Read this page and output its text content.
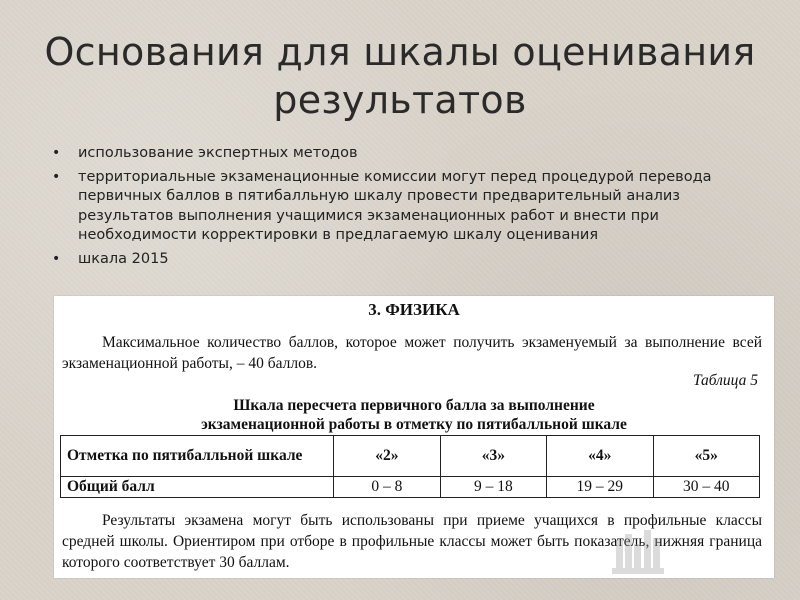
Основания для шкалы оценивания
результатов
• использование экспертных методов
• территориальные экзаменационные комиссии могут перед процедурой перевода первичных баллов в пятибалльную шкалу провести предварительный анализ результатов выполнения учащимися экзаменационных работ и внести при необходимости корректировки в предлагаемую шкалу оценивания
• шкала 2015
3. ФИЗИКА
Максимальное количество баллов, которое может получить экзаменуемый за выполнение всей экзаменационной работы, – 40 баллов.
Таблица 5
Шкала пересчета первичного балла за выполнение
экзаменационной работы в отметку по пятибалльной шкале
Отметка по пятибалльной шкале	«2»	«3»	«4»	«5»
Общий балл	0 – 8	9 – 18	19 – 29	30 – 40
Результаты экзамена могут быть использованы при приеме учащихся в профильные классы средней школы. Ориентиром при отборе в профильные классы может быть показатель, нижняя граница которого соответствует 30 баллам.
